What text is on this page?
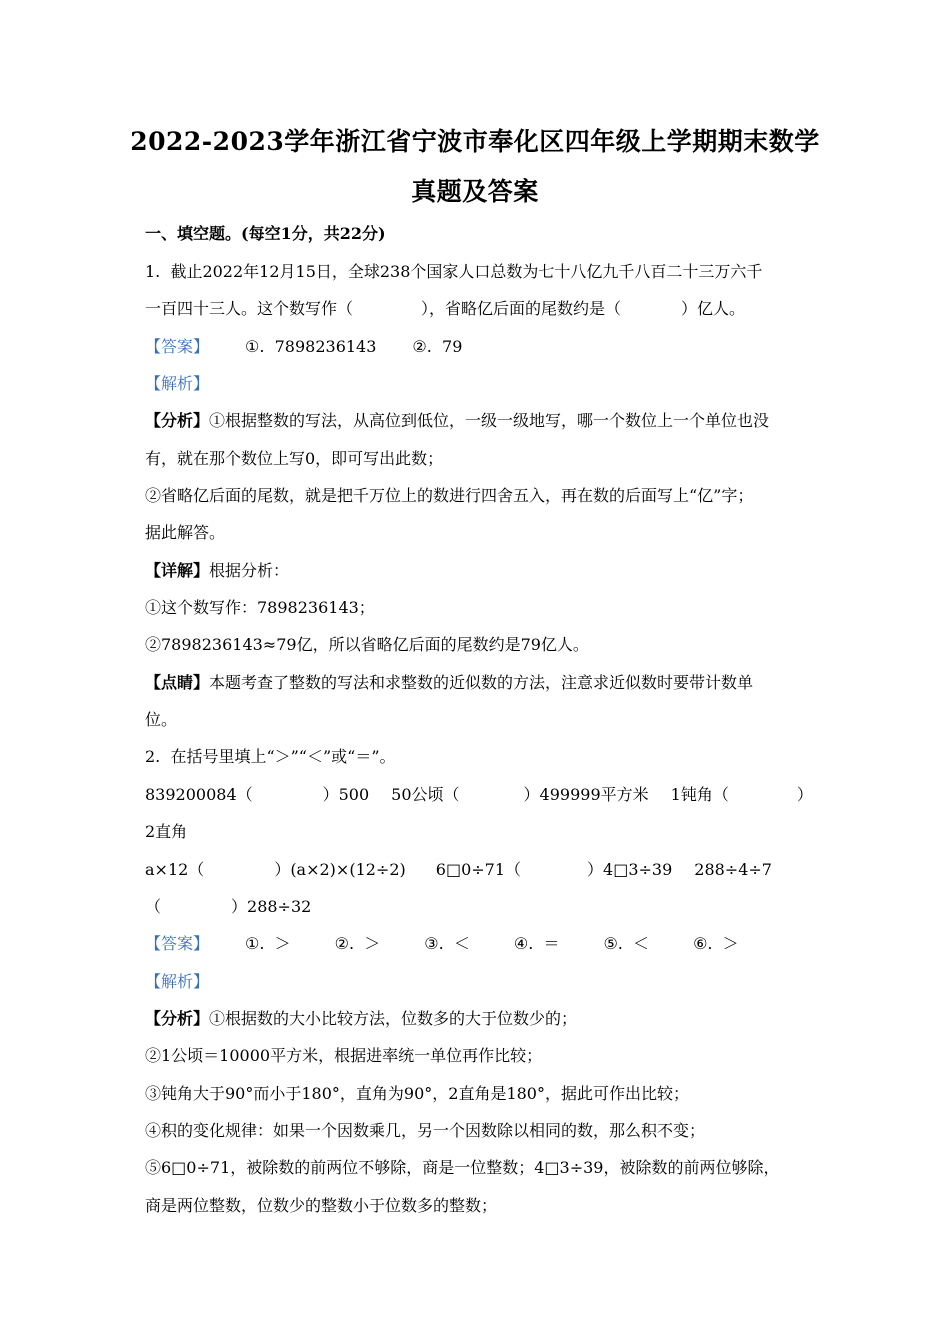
2022-2023学年浙江省宁波市奉化区四年级上学期期末数学
真题及答案
一、填空题。(每空1分，共22分)
1.  截止2022年12月15日，全球238个国家人口总数为七十八亿九千八百二十三万六千
一百四十三人。这个数写作（	），省略亿后面的尾数约是（	）亿人。
【答案】 ①.  7898236143 ②.  79
【解析】
【分析】①根据整数的写法，从高位到低位，一级一级地写，哪一个数位上一个单位也没
有，就在那个数位上写0，即可写出此数；
②省略亿后面的尾数，就是把千万位上的数进行四舍五入，再在数的后面写上“亿”字；
据此解答。
【详解】根据分析：
①这个数写作：7898236143；
②7898236143≈79亿，所以省略亿后面的尾数约是79亿人。
【点睛】本题考查了整数的写法和求整数的近似数的方法，注意求近似数时要带计数单
位。
2.  在括号里填上“＞”“＜”或“＝”。
839200084（	）500 50公顷（	）499999平方米 1钝角（	）
2直角
a×12（	）(a×2)×(12÷2) 6□0÷71（	）4□3÷39 288÷4÷7
（	）288÷32
【答案】 ①.  ＞	②.  ＞	③.  ＜	④.  ＝	⑤.  ＜	⑥.  ＞
【解析】
【分析】①根据数的大小比较方法，位数多的大于位数少的；
②1公顷＝10000平方米，根据进率统一单位再作比较；
③钝角大于90°而小于180°，直角为90°，2直角是180°，据此可作出比较；
④积的变化规律：如果一个因数乘几，另一个因数除以相同的数，那么积不变；
⑤6□0÷71，被除数的前两位不够除，商是一位整数；4□3÷39，被除数的前两位够除，
商是两位整数，位数少的整数小于位数多的整数；
